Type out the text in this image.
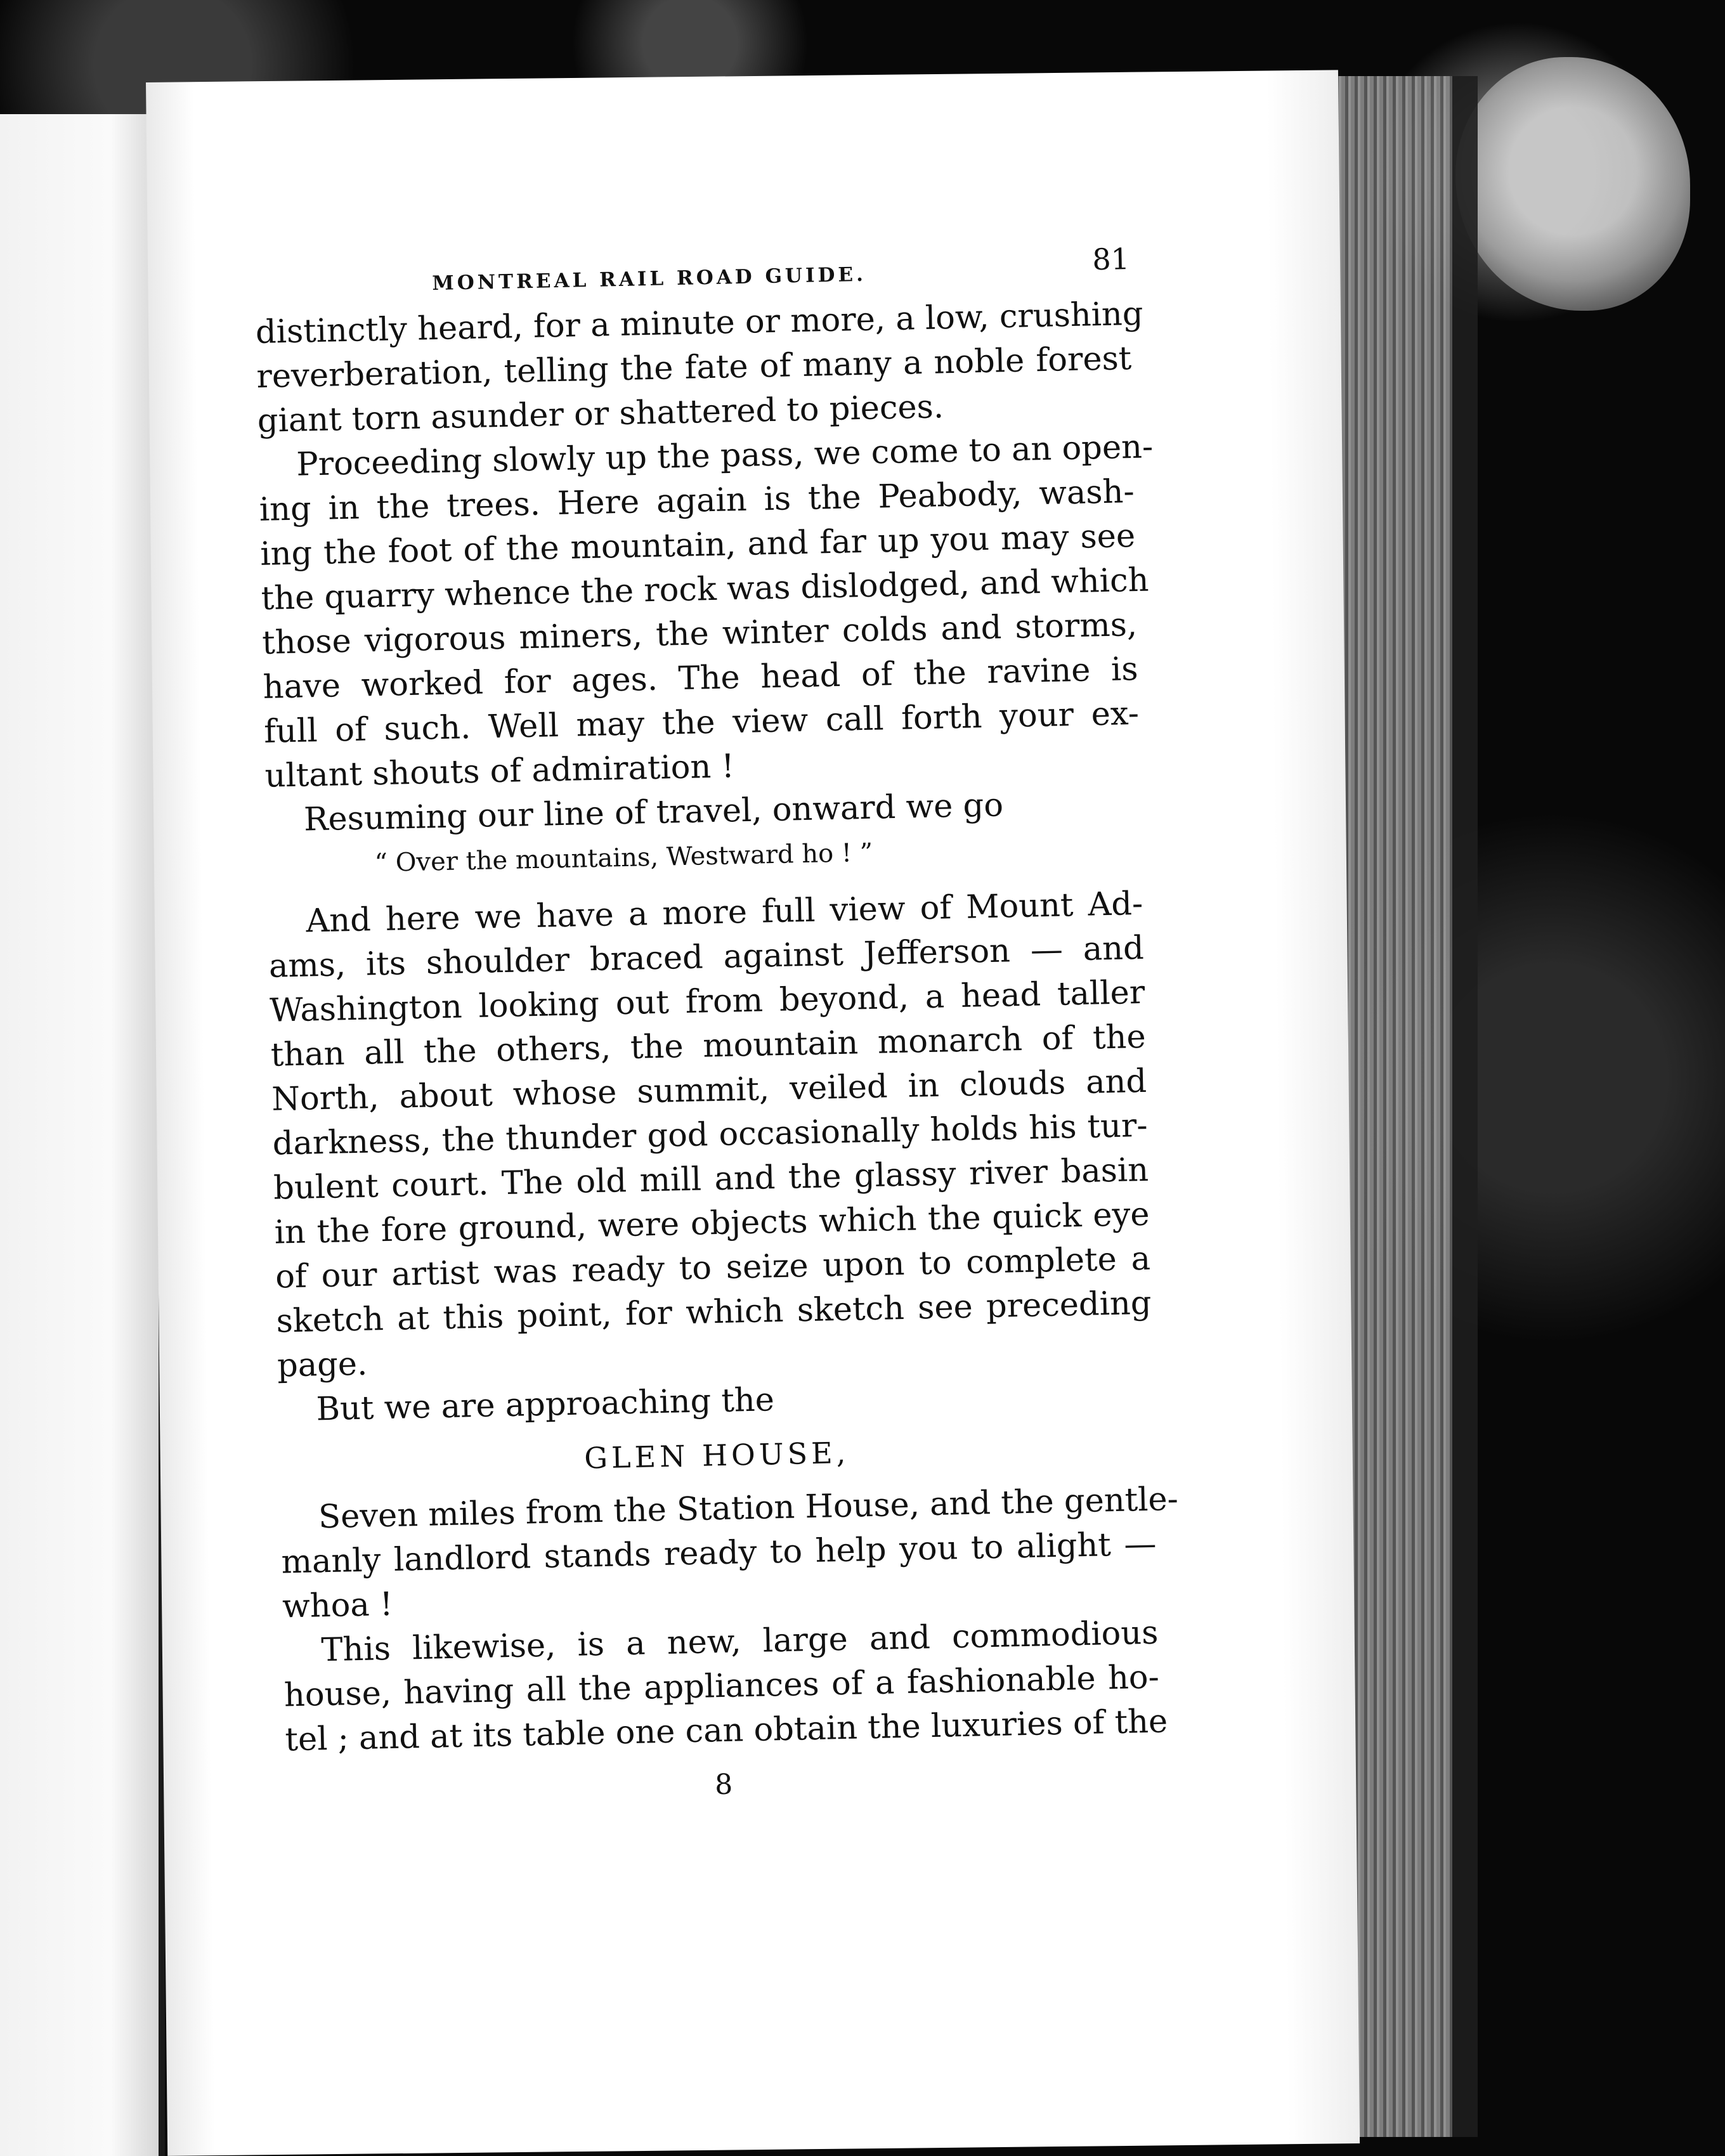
MONTREAL RAIL ROAD GUIDE.
81
distinctly heard, for a minute or more, a low, crushing
reverberation, telling the fate of many a noble forest
giant torn asunder or shattered to pieces.
Proceeding slowly up the pass, we come to an open-
ing in the trees. Here again is the Peabody, wash-
ing the foot of the mountain, and far up you may see
the quarry whence the rock was dislodged, and which
those vigorous miners, the winter colds and storms,
have worked for ages. The head of the ravine is
full of such. Well may the view call forth your ex-
ultant shouts of admiration !
Resuming our line of travel, onward we go
“ Over the mountains, Westward ho ! ”
And here we have a more full view of Mount Ad-
ams, its shoulder braced against Jefferson — and
Washington looking out from beyond, a head taller
than all the others, the mountain monarch of the
North, about whose summit, veiled in clouds and
darkness, the thunder god occasionally holds his tur-
bulent court. The old mill and the glassy river basin
in the fore ground, were objects which the quick eye
of our artist was ready to seize upon to complete a
sketch at this point, for which sketch see preceding
page.
But we are approaching the
GLEN HOUSE,
Seven miles from the Station House, and the gentle-
manly landlord stands ready to help you to alight —
whoa !
This likewise, is a new, large and commodious
house, having all the appliances of a fashionable ho-
tel ; and at its table one can obtain the luxuries of the
8
